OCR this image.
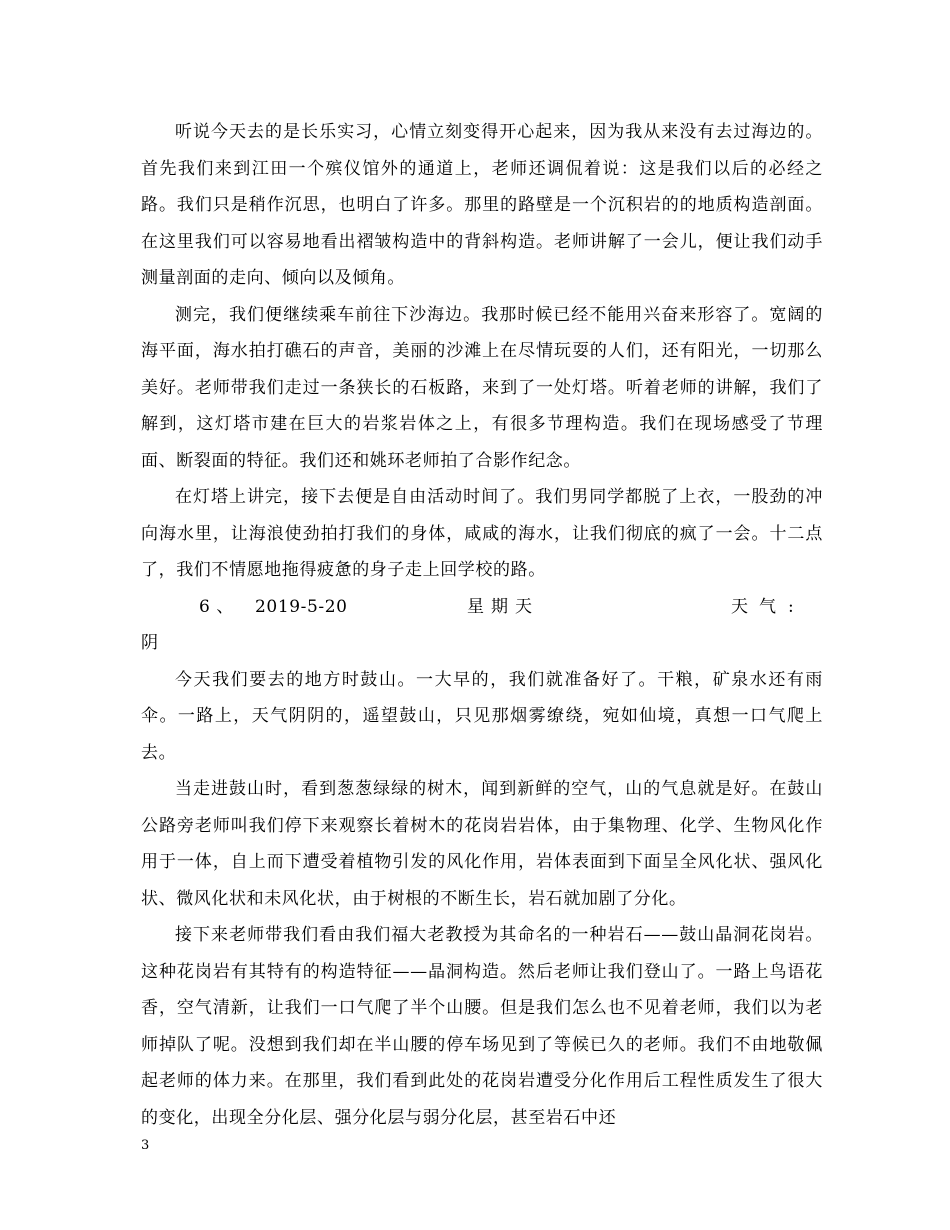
听说今天去的是长乐实习，心情立刻变得开心起来，因为我从来没有去过海边的。首先我们来到江田一个殡仪馆外的通道上，老师还调侃着说：这是我们以后的必经之路。我们只是稍作沉思，也明白了许多。那里的路壁是一个沉积岩的的地质构造剖面。在这里我们可以容易地看出褶皱构造中的背斜构造。老师讲解了一会儿，便让我们动手测量剖面的走向、倾向以及倾角。

测完，我们便继续乘车前往下沙海边。我那时候已经不能用兴奋来形容了。宽阔的海平面，海水拍打礁石的声音，美丽的沙滩上在尽情玩耍的人们，还有阳光，一切那么美好。老师带我们走过一条狭长的石板路，来到了一处灯塔。听着老师的讲解，我们了解到，这灯塔市建在巨大的岩浆岩体之上，有很多节理构造。我们在现场感受了节理面、断裂面的特征。我们还和姚环老师拍了合影作纪念。

在灯塔上讲完，接下去便是自由活动时间了。我们男同学都脱了上衣，一股劲的冲向海水里，让海浪使劲拍打我们的身体，咸咸的海水，让我们彻底的疯了一会。十二点了，我们不情愿地拖得疲惫的身子走上回学校的路。

6 、 2019-5-20	星期天	天气 :

阴

今天我们要去的地方时鼓山。一大早的，我们就准备好了。干粮，矿泉水还有雨伞。一路上，天气阴阴的，遥望鼓山，只见那烟雾缭绕，宛如仙境，真想一口气爬上去。

当走进鼓山时，看到葱葱绿绿的树木，闻到新鲜的空气，山的气息就是好。在鼓山公路旁老师叫我们停下来观察长着树木的花岗岩岩体，由于集物理、化学、生物风化作用于一体，自上而下遭受着植物引发的风化作用，岩体表面到下面呈全风化状、强风化状、微风化状和未风化状，由于树根的不断生长，岩石就加剧了分化。

接下来老师带我们看由我们福大老教授为其命名的一种岩石——鼓山晶洞花岗岩。这种花岗岩有其特有的构造特征——晶洞构造。然后老师让我们登山了。一路上鸟语花香，空气清新，让我们一口气爬了半个山腰。但是我们怎么也不见着老师，我们以为老师掉队了呢。没想到我们却在半山腰的停车场见到了等候已久的老师。我们不由地敬佩起老师的体力来。在那里，我们看到此处的花岗岩遭受分化作用后工程性质发生了很大的变化，出现全分化层、强分化层与弱分化层，甚至岩石中还

3
